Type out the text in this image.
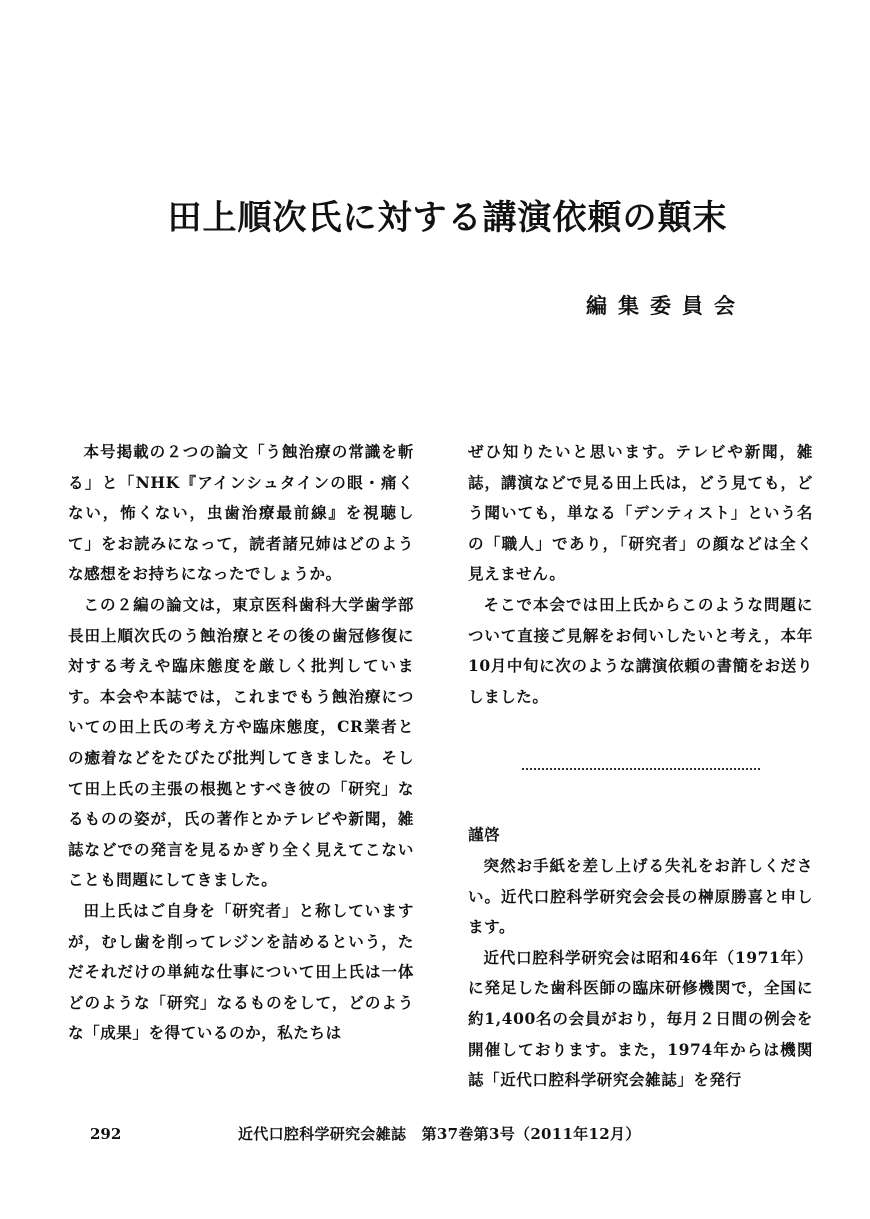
田上順次氏に対する講演依頼の顛末
編集委員会

本号掲載の２つの論文「う蝕治療の常識を斬る」と「NHK『アインシュタインの眼・痛くない，怖くない，虫歯治療最前線』を視聴して」をお読みになって，読者諸兄姉はどのような感想をお持ちになったでしょうか。

この２編の論文は，東京医科歯科大学歯学部長田上順次氏のう蝕治療とその後の歯冠修復に対する考えや臨床態度を厳しく批判しています。本会や本誌では，これまでもう蝕治療についての田上氏の考え方や臨床態度，CR業者との癒着などをたびたび批判してきました。そして田上氏の主張の根拠とすべき彼の「研究」なるものの姿が，氏の著作とかテレビや新聞，雑誌などでの発言を見るかぎり全く見えてこないことも問題にしてきました。

田上氏はご自身を「研究者」と称していますが，むし歯を削ってレジンを詰めるという，ただそれだけの単純な仕事について田上氏は一体どのような「研究」なるものをして，どのような「成果」を得ているのか，私たちは

ぜひ知りたいと思います。テレビや新聞，雑誌，講演などで見る田上氏は，どう見ても，どう聞いても，単なる「デンティスト」という名の「職人」であり，「研究者」の顔などは全く見えません。

そこで本会では田上氏からこのような問題について直接ご見解をお伺いしたいと考え，本年10月中旬に次のような講演依頼の書簡をお送りしました。

謹啓

突然お手紙を差し上げる失礼をお許しください。近代口腔科学研究会会長の榊原勝喜と申します。

近代口腔科学研究会は昭和46年（1971年）に発足した歯科医師の臨床研修機関で，全国に約1,400名の会員がおり，毎月２日間の例会を開催しております。また，1974年からは機関誌「近代口腔科学研究会雑誌」を発行

292	近代口腔科学研究会雑誌　第37巻第3号（2011年12月）
